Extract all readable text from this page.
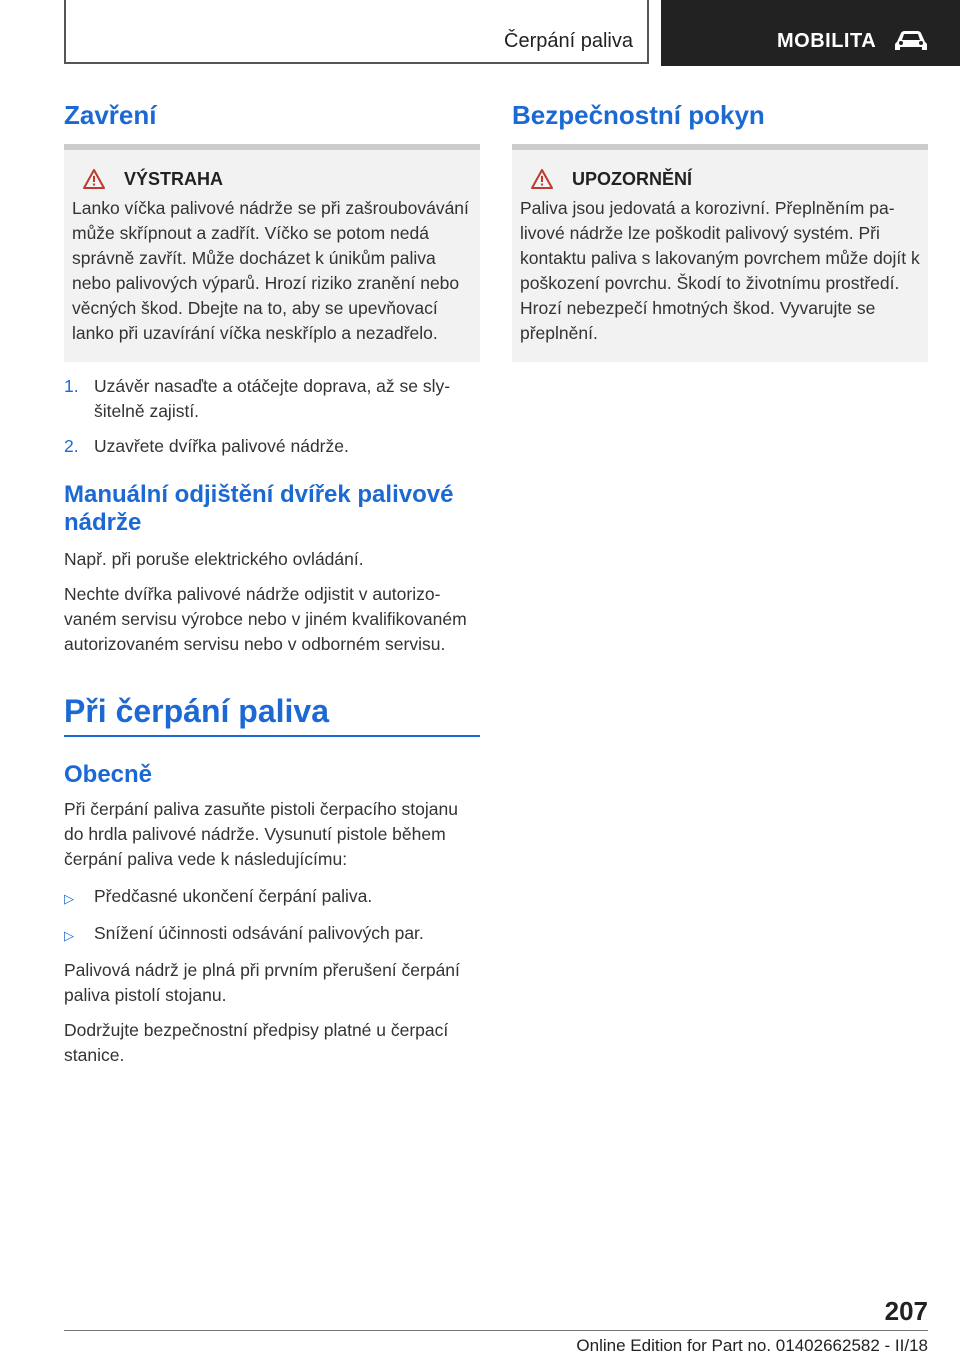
Čerpání paliva	MOBILITA
Zavření
VÝSTRAHA
Lanko víčka palivové nádrže se při zašroubovávání může skřípnout a zadřít. Víčko se potom nedá správně zavřít. Může docházet k únikům paliva nebo palivových výparů. Hrozí riziko zranění nebo věcných škod. Dbejte na to, aby se upevňovací lanko při uzavírání víčka neskříplo a nezadřelo.
1. Uzávěr nasaďte a otáčejte doprava, až se slyšitelně zajistí.
2. Uzavřete dvířka palivové nádrže.
Manuální odjištění dvířek palivové nádrže

Např. při poruše elektrického ovládání.

Nechte dvířka palivové nádrže odjistit v autorizovaném servisu výrobce nebo v jiném kvalifikovaném autorizovaném servisu nebo v odborném servisu.

Při čerpání paliva
Obecně

Při čerpání paliva zasuňte pistoli čerpacího stojanu do hrdla palivové nádrže. Vysunutí pistole během čerpání paliva vede k následujícímu:

▷	Předčasné ukončení čerpání paliva.
▷	Snížení účinnosti odsávání palivových par.

Palivová nádrž je plná při prvním přerušení čerpání paliva pistolí stojanu.

Dodržujte bezpečnostní předpisy platné u čerpací stanice.

Bezpečnostní pokyn
UPOZORNĚNÍ
Paliva jsou jedovatá a korozivní. Přeplněním palivové nádrže lze poškodit palivový systém. Při kontaktu paliva s lakovaným povrchem může dojít k poškození povrchu. Škodí to životnímu prostředí. Hrozí nebezpečí hmotných škod. Vyvarujte se přeplnění.
207
Online Edition for Part no. 01402662582 - II/18
